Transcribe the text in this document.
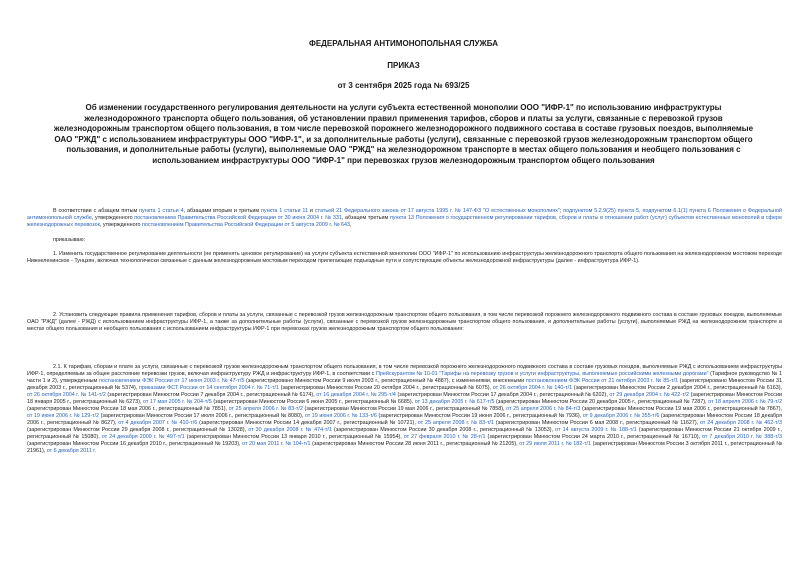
ФЕДЕРАЛЬНАЯ АНТИМОНОПОЛЬНАЯ СЛУЖБА
ПРИКАЗ
от 3 сентября 2025 года № 693/25
Об изменении государственного регулирования деятельности на услуги субъекта естественной монополии ООО "ИФР-1" по использованию инфраструктуры железнодорожного транспорта общего пользования, об установлении правил применения тарифов, сборов и платы за услуги, связанные с перевозкой грузов железнодорожным транспортом общего пользования, в том числе перевозкой порожнего железнодорожного подвижного состава в составе грузовых поездов, выполняемые ОАО "РЖД" с использованием инфраструктуры ООО "ИФР-1", и за дополнительные работы (услуги), связанные с перевозкой грузов железнодорожным транспортом общего пользования, и дополнительные работы (услуги), выполняемые ОАО "РЖД" на железнодорожном транспорте в местах общего пользования и необщего пользования с использованием инфраструктуры ООО "ИФР-1" при перевозках грузов железнодорожным транспортом общего пользования

В соответствии с абзацем пятым пункта 1 статьи 4, абзацами вторым и третьим пункта 1 статьи 11 и статьей 21 Федерального закона от 17 августа 1995 г. № 147-ФЗ "О естественных монополиях"; подпунктом 5.2.9(25) пункта 5, подпунктом 6.1(1) пункта 6 Положения о Федеральной антимонопольной службе, утвержденного постановлением Правительства Российской Федерации от 30 июня 2004 г. № 331, абзацем третьим пункта 13 Положения о государственном регулировании тарифов, сборов и платы в отношении работ (услуг) субъектов естественных монополий в сфере железнодорожных перевозок, утвержденного постановлением Правительства Российской Федерации от 5 августа 2009 г. № 643,

приказываю:

1. Изменить государственное регулирование деятельности (не применять ценовое регулирование) на услуги субъекта естественной монополии ООО "ИФР-1" по использованию инфраструктуры железнодорожного транспорта общего пользования на железнодорожном мостовом переходе Нижнеленинское - Тунцзян, включая технологически связанные с данным железнодорожным мостовым переходом прилегающие подъездные пути и сопутствующие объекты железнодорожной инфраструктуры (далее - инфраструктура ИФР-1).

2. Установить следующие правила применения тарифов, сборов и платы за услуги, связанные с перевозкой грузов железнодорожным транспортом общего пользования, в том числе перевозкой порожнего железнодорожного подвижного состава в составе грузовых поездов, выполняемые ОАО "РЖД" (далее - РЖД) с использованием инфраструктуры ИФР-1, а также за дополнительные работы (услуги), связанные с перевозкой грузов железнодорожным транспортом общего пользования, и дополнительные работы (услуги), выполняемые РЖД на железнодорожном транспорте в местах общего пользования и необщего пользования с использованием инфраструктуры ИФР-1 при перевозках грузов железнодорожным транспортом общего пользования:

2.1. К тарифам, сборам и плате за услуги, связанные с перевозкой грузов железнодорожным транспортом общего пользования, в том числе перевозкой порожнего железнодорожного подвижного состава в составе грузовых поездов, выполняемые РЖД с использованием инфраструктуры ИФР-1, определяемым за общее расстояние перевозки грузов, включая инфраструктуру РЖД и инфраструктуру ИФР-1, в соответствии с Прейскурантом № 10-01 "Тарифы на перевозку грузов и услуги инфраструктуры, выполняемые российскими железными дорогами" (Тарифное руководство № 1 части 1 и 2), утвержденным постановлением ФЭК России от 17 июня 2003 г. № 47-т/5 (зарегистрировано Минюстом России 9 июля 2003 г., регистрационный № 4887), с изменениями, внесенными постановлением ФЭК России от 21 октября 2003 г. № 85-т/1 (зарегистрировано Минюстом России 31 декабря 2003 г., регистрационный № 5374), приказами ФСТ России от 14 сентября 2004 г. № 71-т/1 (зарегистрирован Минюстом России 20 октября 2004 г., регистрационный № 6075), от 26 октября 2004 г. № 140-т/1 (зарегистрирован Минюстом России 2 декабря 2004 г., регистрационный № 6163), от 26 октября 2004 г. № 141-т/2 (зарегистрирован Минюстом России 7 декабря 2004 г., регистрационный № 6174), от 16 декабря 2004 г. № 295-т/4 (зарегистрирован Минюстом России 17 декабря 2004 г., регистрационный № 6202), от 29 декабря 2004 г. № 422-т/2 (зарегистрирован Минюстом России 18 января 2005 г., регистрационный № 6273), от 17 мая 2005 г. № 204-т/5 (зарегистрирован Минюстом России 6 июня 2005 г., регистрационный № 6685), от 13 декабря 2005 г. № 617-т/5 (зарегистрирован Минюстом России 20 декабря 2005 г., регистрационный № 7287), от 18 апреля 2006 г. № 79-т/2 (зарегистрирован Минюстом России 18 мая 2006 г., регистрационный № 7851), от 25 апреля 2006 г. № 83-т/2 (зарегистрирован Минюстом России 19 мая 2006 г., регистрационный № 7858), от 25 апреля 2006 г. № 84-т/3 (зарегистрирован Минюстом России 19 мая 2006 г., регистрационный № 7867), от 19 июня 2006 г. № 129-т/2 (зарегистрирован Минюстом России 17 июля 2006 г., регистрационный № 8080), от 19 июня 2006 г. № 133-т/6 (зарегистрирован Минюстом России 19 июня 2006 г., регистрационный № 7936), от 9 декабря 2006 г. № 355-т/6 (зарегистрирован Минюстом России 18 декабря 2006 г., регистрационный № 8627), от 4 декабря 2007 г. № 410-т/6 (зарегистрирован Минюстом России 14 декабря 2007 г., регистрационный № 10721), от 25 апреля 2008 г. № 83-т/1 (зарегистрирован Минюстом России 6 мая 2008 г., регистрационный № 11627), от 24 декабря 2008 г. № 462-т/3 (зарегистрирован Минюстом России 29 декабря 2008 г., регистрационный № 13028), от 30 декабря 2008 г. № 474-т/1 (зарегистрирован Минюстом России 30 декабря 2008 г., регистрационный № 13053), от 14 августа 2009 г. № 188-т/1 (зарегистрирован Минюстом России 21 октября 2009 г., регистрационный № 15080), от 24 декабря 2009 г. № 497-т/1 (зарегистрирован Минюстом России 13 января 2010 г., регистрационный № 15954), от 27 февраля 2010 г. № 28-т/1 (зарегистрирован Минюстом России 24 марта 2010 г., регистрационный № 16710), от 7 декабря 2010 г. № 388-т/3 (зарегистрирован Минюстом России 16 декабря 2010 г., регистрационный № 19203), от 20 мая 2011 г. № 104-т/1 (зарегистрирован Минюстом России 28 июня 2011 г., регистрационный № 21205), от 29 июля 2011 г. № 182-т/1 (зарегистрирован Минюстом России 3 октября 2011 г., регистрационный № 21961), от 6 декабря 2011 г.
